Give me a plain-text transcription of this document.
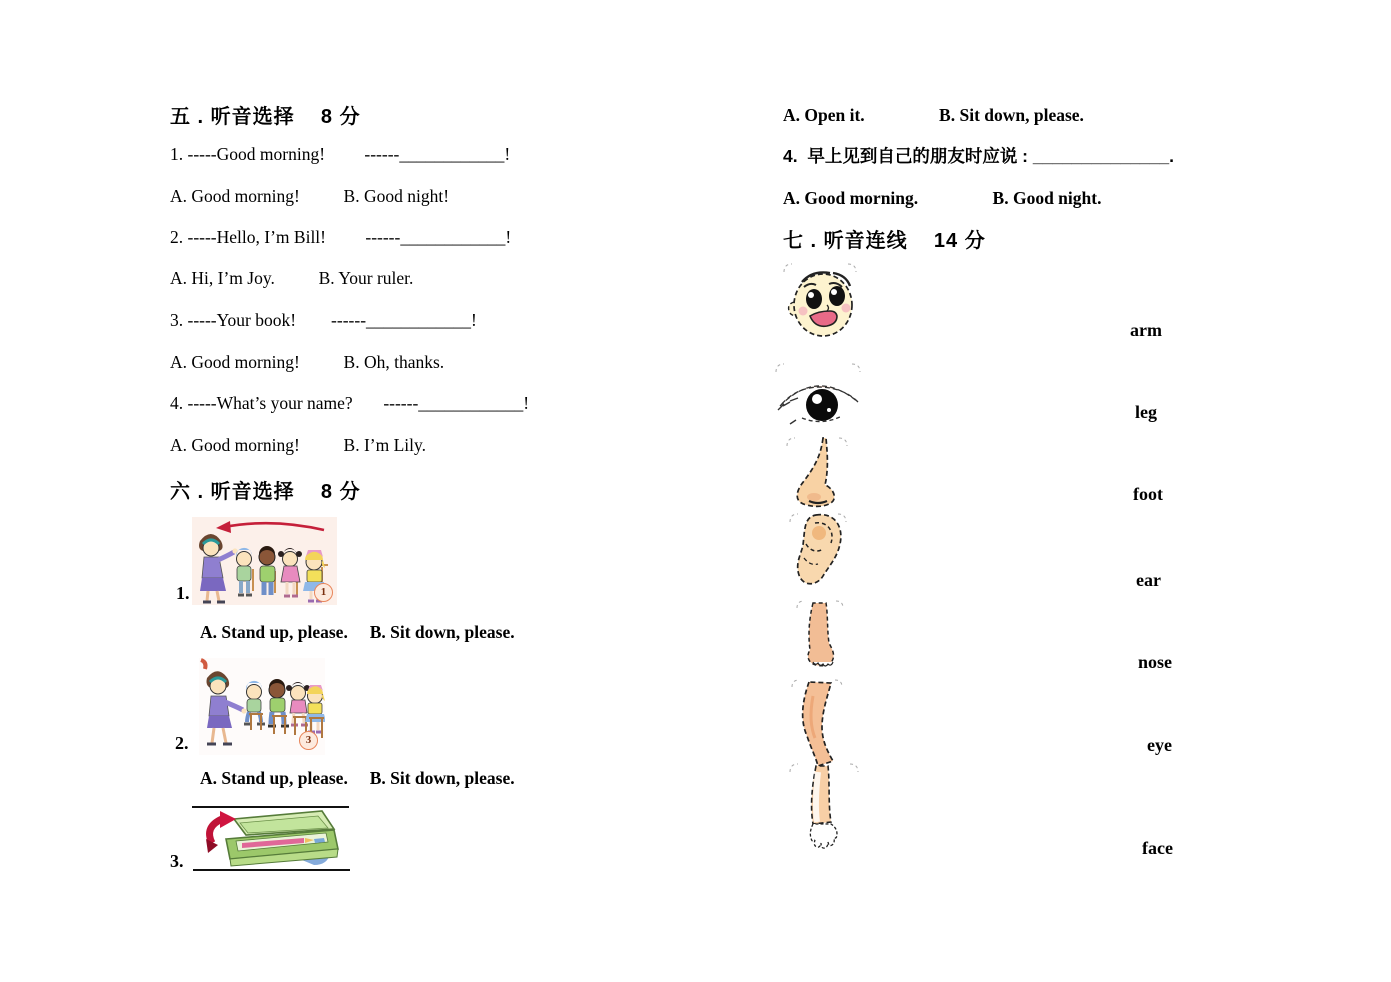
五 . 听音选择    8 分
1. -----Good morning!         ------____________!
A. Good morning!          B. Good night!
2. -----Hello, I’m Bill!         ------____________!
A. Hi, I’m Joy.          B. Your ruler.
3. -----Your book!        ------____________!
A. Good morning!          B. Oh, thanks.
4. -----What’s your name?       ------____________!
A. Good morning!          B. I’m Lily.
六 . 听音选择    8 分
1
1.
A. Stand up, please.     B. Sit down, please.
3
2.
A. Stand up, please.     B. Sit down, please.
3.
A. Open it.                 B. Sit down, please.
4.  早上见到自己的朋友时应说 : ______________.
A. Good morning.                 B. Good night.
七 . 听音连线    14 分
arm
leg
foot
ear
nose
eye
face
